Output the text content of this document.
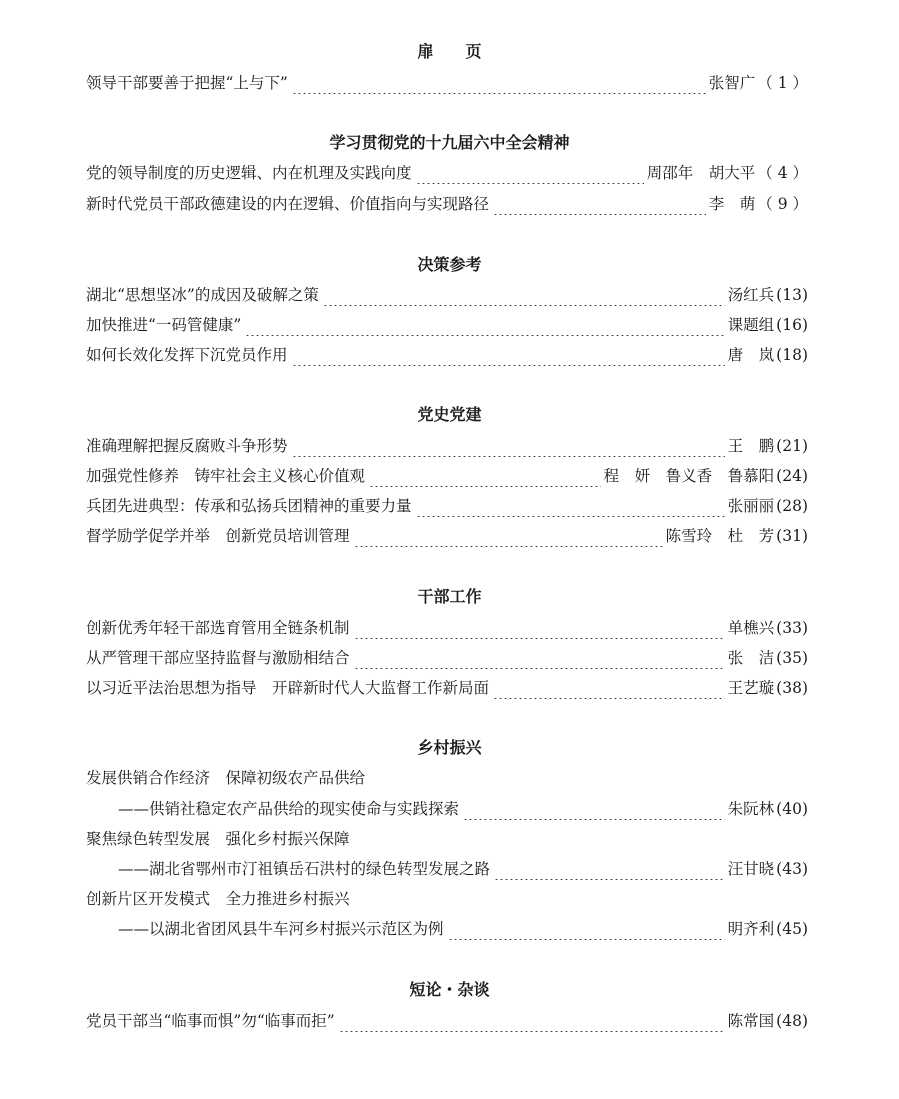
扉　　页
领导干部要善于把握“上与下”	张智广 （ 1 ）
学习贯彻党的十九届六中全会精神
党的领导制度的历史逻辑、内在机理及实践向度	周邵年　胡大平 （ 4 ）
新时代党员干部政德建设的内在逻辑、价值指向与实现路径	李　萌 （ 9 ）
决策参考
湖北“思想坚冰”的成因及破解之策	汤红兵 (13)
加快推进“一码管健康”	课题组 (16)
如何长效化发挥下沉党员作用	唐　岚 (18)
党史党建
准确理解把握反腐败斗争形势	王　鹏 (21)
加强党性修养　铸牢社会主义核心价值观	程　妍　鲁义香　鲁慕阳 (24)
兵团先进典型：传承和弘扬兵团精神的重要力量	张丽丽 (28)
督学励学促学并举　创新党员培训管理	陈雪玲　杜　芳 (31)
干部工作
创新优秀年轻干部选育管用全链条机制	单樵兴 (33)
从严管理干部应坚持监督与激励相结合	张　洁 (35)
以习近平法治思想为指导　开辟新时代人大监督工作新局面	王艺璇 (38)
乡村振兴
发展供销合作经济　保障初级农产品供给
——供销社稳定农产品供给的现实使命与实践探索	朱阮林 (40)
聚焦绿色转型发展　强化乡村振兴保障
——湖北省鄂州市汀祖镇岳石洪村的绿色转型发展之路	汪甘晓 (43)
创新片区开发模式　全力推进乡村振兴
——以湖北省团风县牛车河乡村振兴示范区为例	明齐利 (45)
短论・杂谈
党员干部当“临事而惧”勿“临事而拒”	陈常国 (48)
